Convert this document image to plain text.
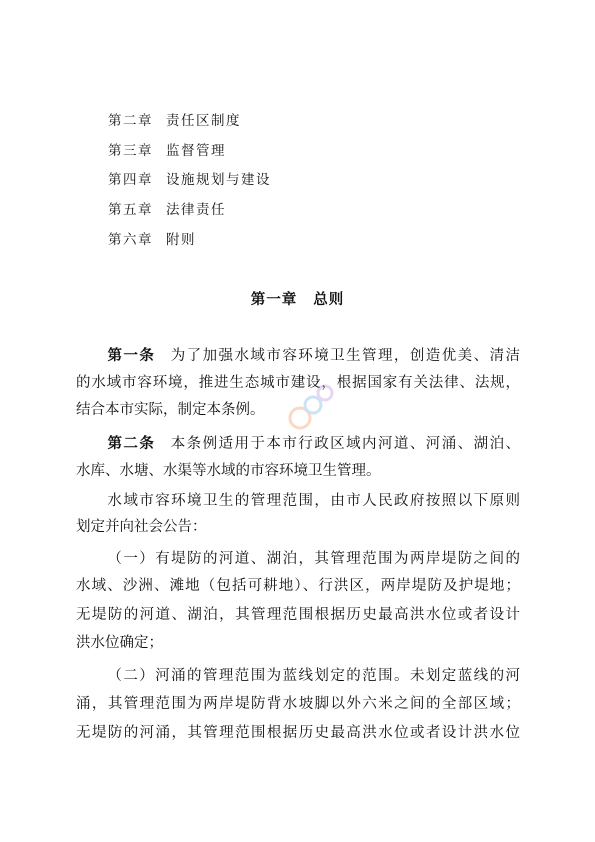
第二章 责任区制度
第三章 监督管理
第四章 设施规划与建设
第五章 法律责任
第六章 附则
第一章 总则
第一条 为了加强水域市容环境卫生管理，创造优美、清洁
的水域市容环境，推进生态城市建设，根据国家有关法律、法规，
结合本市实际，制定本条例。
第二条 本条例适用于本市行政区域内河道、河涌、湖泊、
水库、水塘、水渠等水域的市容环境卫生管理。
水域市容环境卫生的管理范围，由市人民政府按照以下原则
划定并向社会公告：
（一）有堤防的河道、湖泊，其管理范围为两岸堤防之间的
水域、沙洲、滩地（包括可耕地）、行洪区，两岸堤防及护堤地；
无堤防的河道、湖泊，其管理范围根据历史最高洪水位或者设计
洪水位确定；
（二）河涌的管理范围为蓝线划定的范围。未划定蓝线的河
涌，其管理范围为两岸堤防背水坡脚以外六米之间的全部区域；
无堤防的河涌，其管理范围根据历史最高洪水位或者设计洪水位
